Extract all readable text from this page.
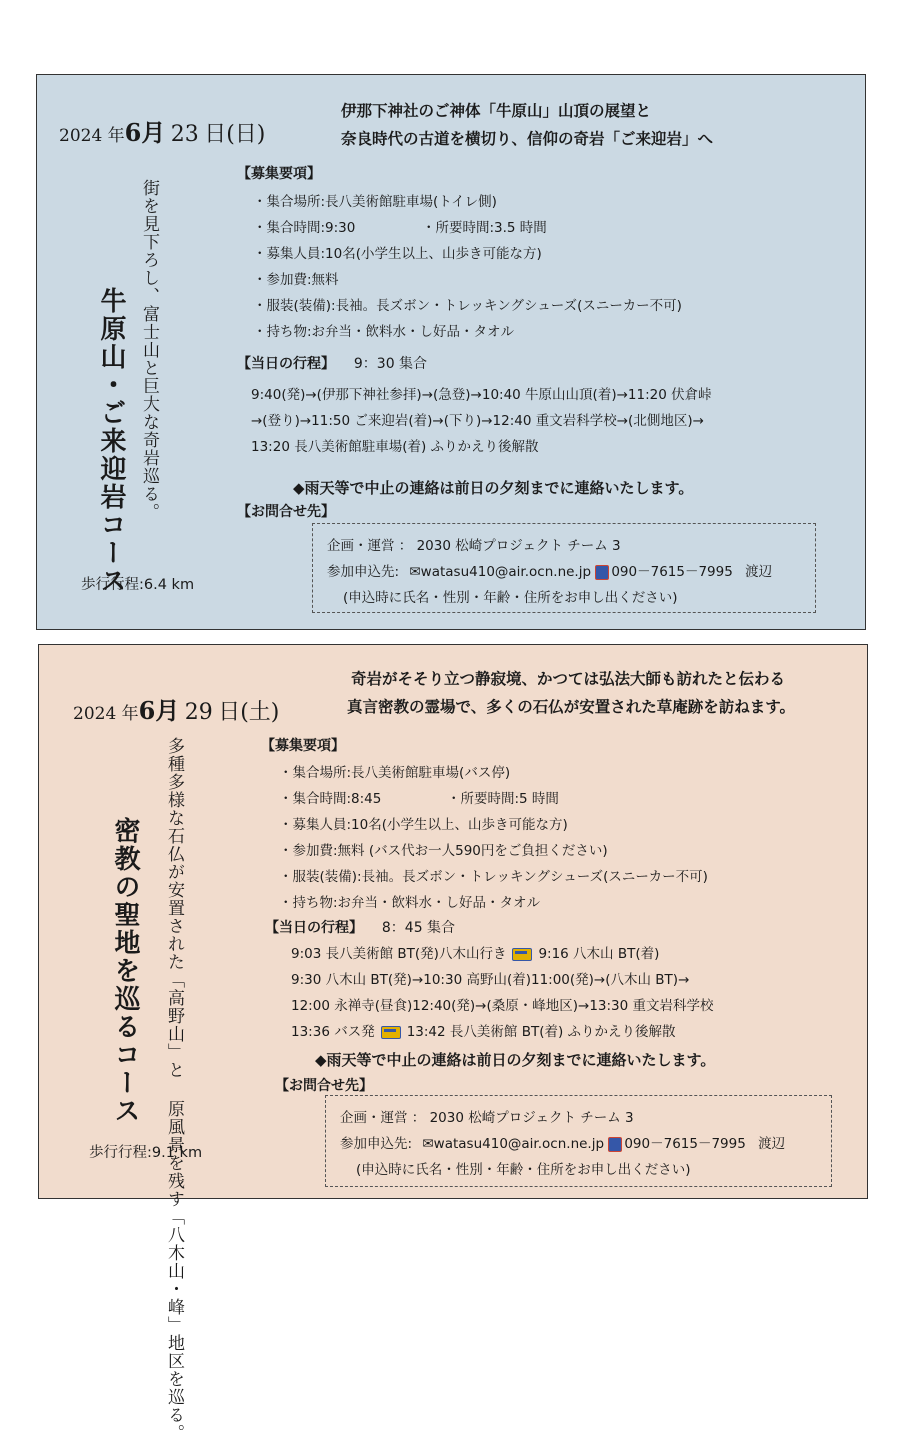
2024 年6月 23 日(日)
伊那下神社のご神体「牛原山」山頂の展望と
奈良時代の古道を横切り、信仰の奇岩「ご来迎岩」へ
街を見下ろし、富士山と巨大な奇岩巡る。
牛原山・ご来迎岩コース
歩行行程:6.4 km
【募集要項】
・集合場所:長八美術館駐車場(トイレ側)
・集合時間:9:30	・所要時間:3.5 時間
・募集人員:10名(小学生以上、山歩き可能な方)
・参加費:無料
・服装(装備):長袖。長ズボン・トレッキングシューズ(スニーカー不可)
・持ち物:お弁当・飲料水・し好品・タオル
【当日の行程】 9：30 集合
9:40(発)→(伊那下神社参拝)→(急登)→10:40 牛原山山頂(着)→11:20 伏倉峠
→(登り)→11:50 ご来迎岩(着)→(下り)→12:40 重文岩科学校→(北側地区)→
13:20 長八美術館駐車場(着) ふりかえり後解散
◆雨天等で中止の連絡は前日の夕刻までに連絡いたします。
【お問合せ先】
企画・運営 ： 2030 松崎プロジェクト チーム 3
参加申込先: ✉watasu410@air.ocn.ne.jp 090－7615－7995 渡辺
(申込時に氏名・性別・年齢・住所をお申し出ください)
2024 年6月 29 日(土)
奇岩がそそり立つ静寂境、かつては弘法大師も訪れたと伝わる
真言密教の霊場で、多くの石仏が安置された草庵跡を訪ねます。
多種多様な石仏が安置された「高野山」と 原風景を残す「八木山・峰」地区を巡る。
密教の聖地を巡るコース
歩行行程:9.1 km
【募集要項】
・集合場所:長八美術館駐車場(バス停)
・集合時間:8:45	・所要時間:5 時間
・募集人員:10名(小学生以上、山歩き可能な方)
・参加費:無料 (バス代お一人590円をご負担ください)
・服装(装備):長袖。長ズボン・トレッキングシューズ(スニーカー不可)
・持ち物:お弁当・飲料水・し好品・タオル
【当日の行程】 8：45 集合
9:03 長八美術館 BT(発)八木山行き 9:16 八木山 BT(着)
9:30 八木山 BT(発)→10:30 高野山(着)11:00(発)→(八木山 BT)→
12:00 永禅寺(昼食)12:40(発)→(桑原・峰地区)→13:30 重文岩科学校
13:36 バス発 13:42 長八美術館 BT(着) ふりかえり後解散
◆雨天等で中止の連絡は前日の夕刻までに連絡いたします。
【お問合せ先】
企画・運営 ： 2030 松崎プロジェクト チーム 3
参加申込先: ✉watasu410@air.ocn.ne.jp 090－7615－7995 渡辺
(申込時に氏名・性別・年齢・住所をお申し出ください)
